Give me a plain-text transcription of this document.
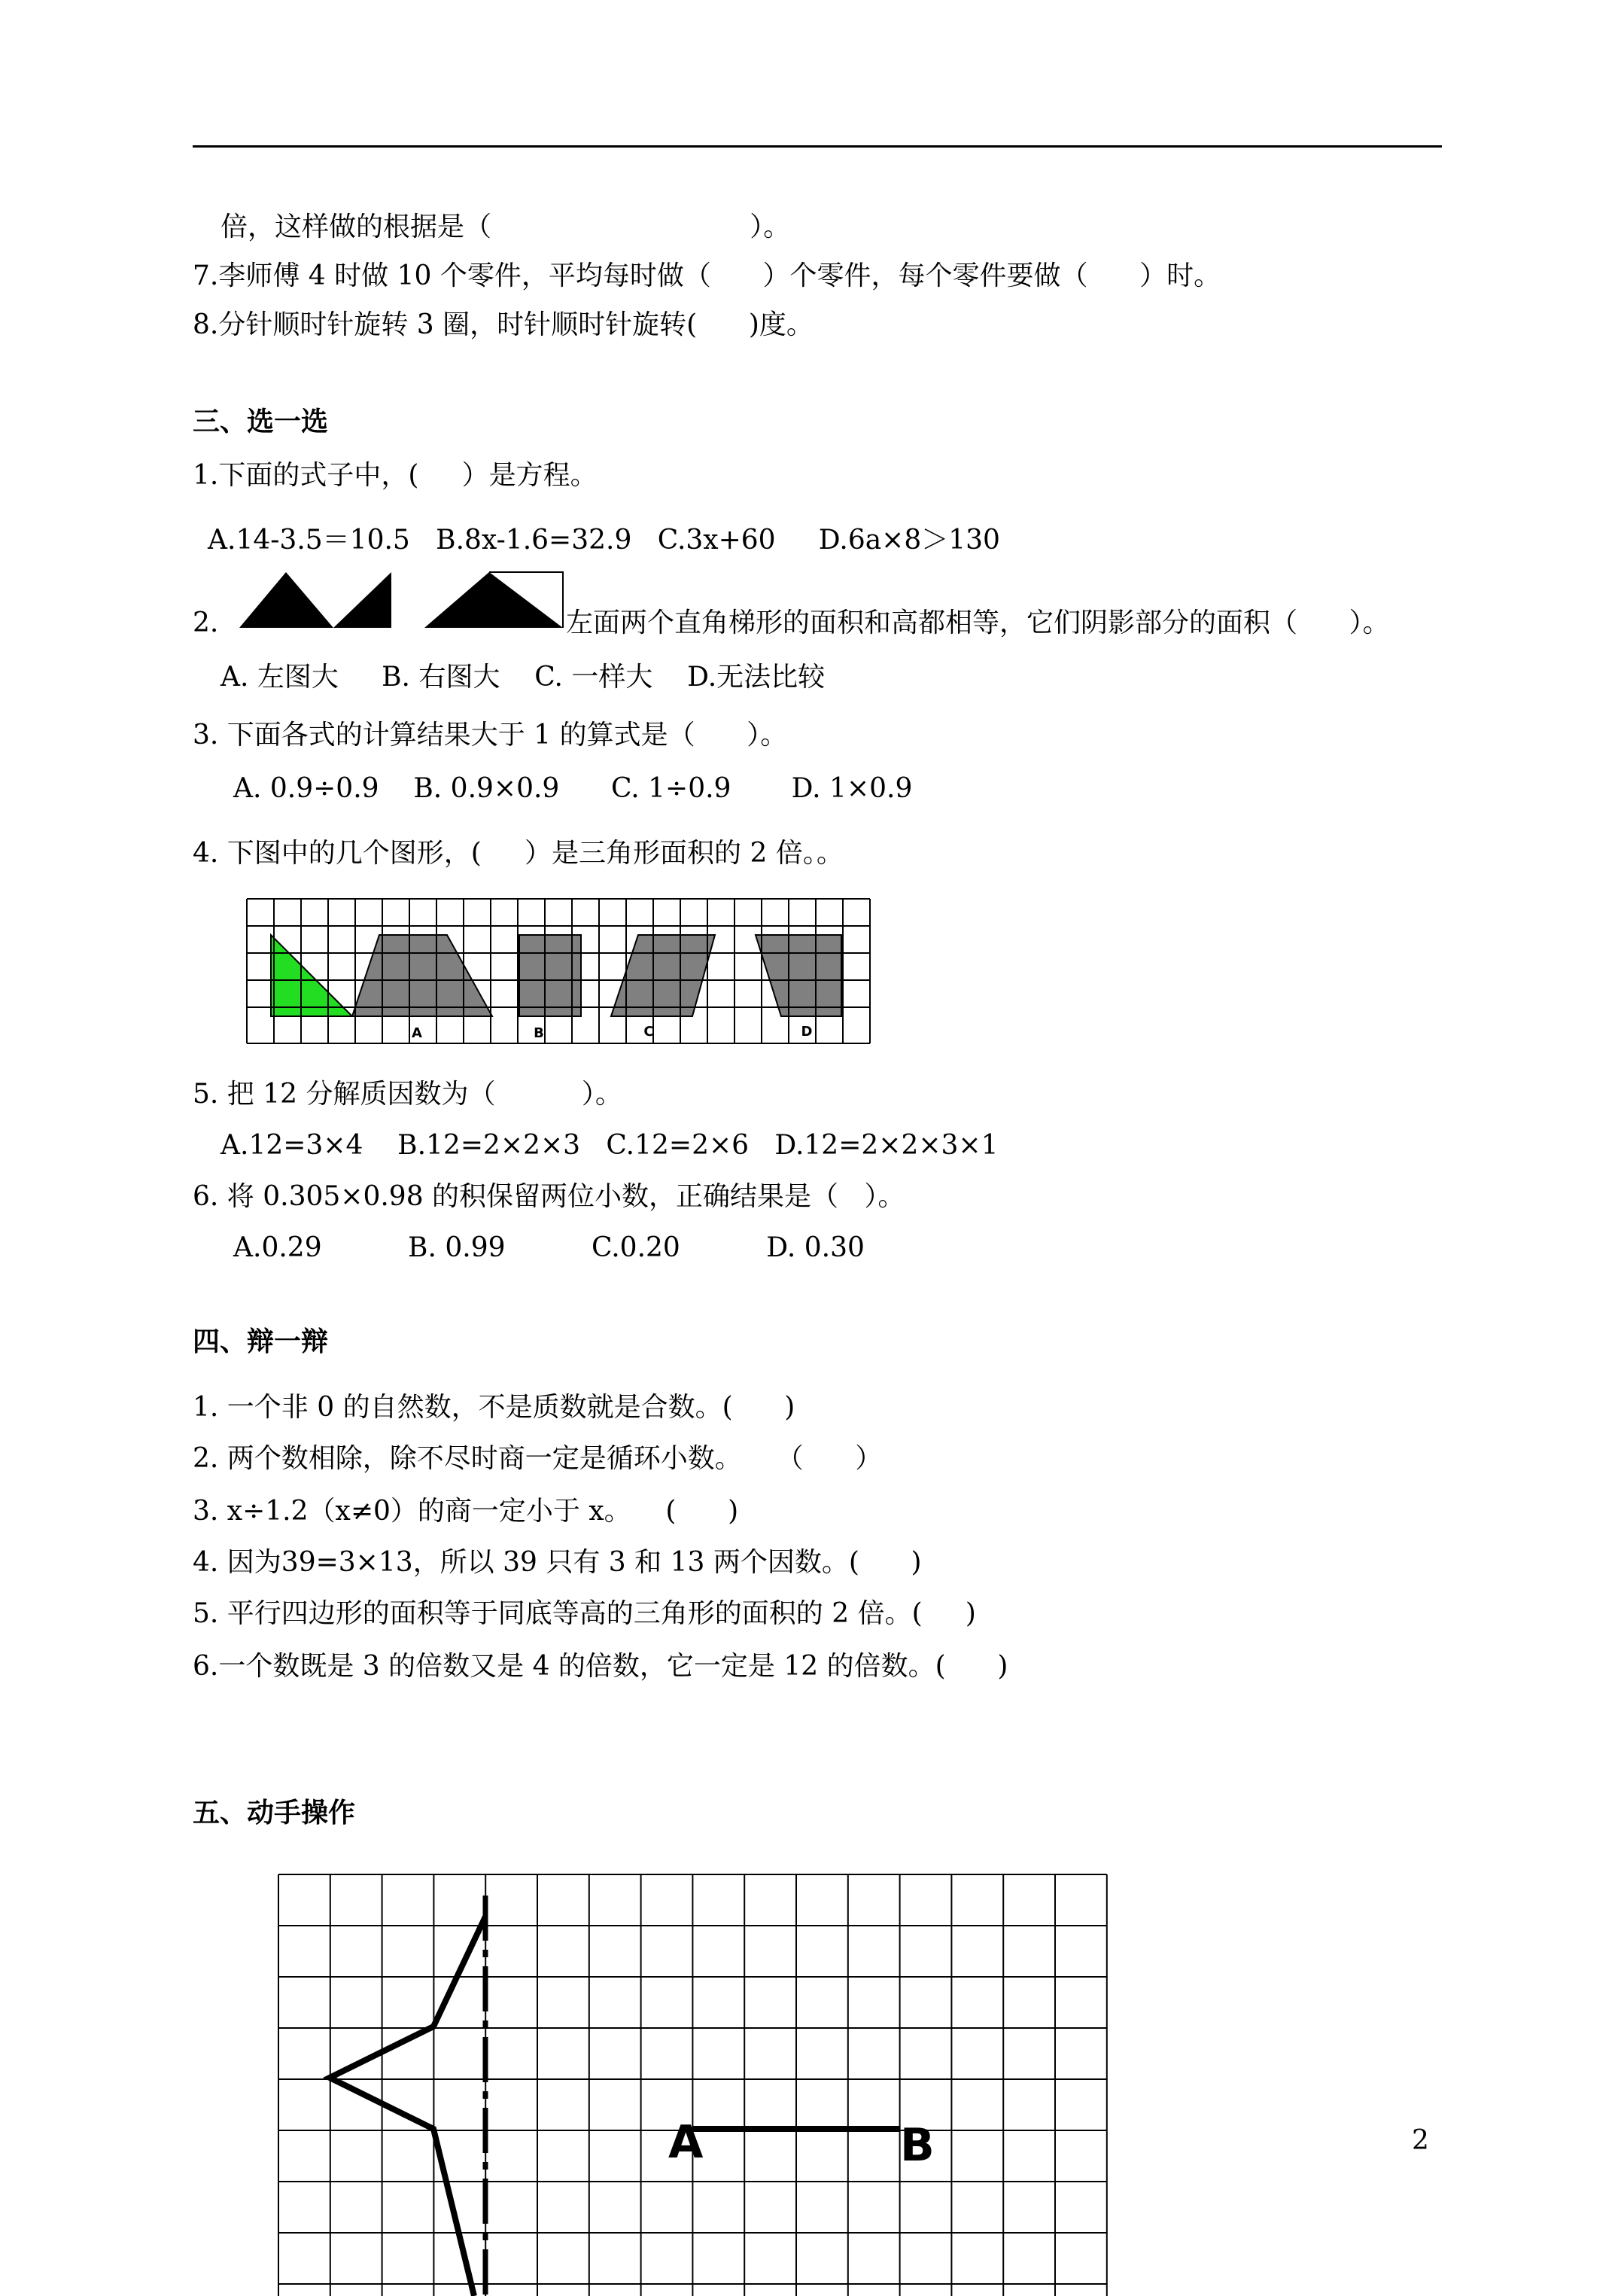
倍，这样做的根据是（                              ）。
7.李师傅 4 时做 10 个零件，平均每时做（      ）个零件，每个零件要做（      ）时。
8.分针顺时针旋转 3 圈，时针顺时针旋转(      )度。
三、选一选
1.下面的式子中，(     ）是方程。
A.14-3.5＝10.5   B.8x-1.6=32.9   C.3x+60     D.6a×8＞130
2.	左面两个直角梯形的面积和高都相等，它们阴影部分的面积（      ）。
A. 左图大     B. 右图大    C. 一样大    D.无法比较
3. 下面各式的计算结果大于 1 的算式是（      ）。
A. 0.9÷0.9    B. 0.9×0.9      C. 1÷0.9       D. 1×0.9
4. 下图中的几个图形，(     ）是三角形面积的 2 倍。。
A	B	C	D
5. 把 12 分解质因数为（          ）。
A.12=3×4    B.12=2×2×3   C.12=2×6   D.12=2×2×3×1
6. 将 0.305×0.98 的积保留两位小数，正确结果是（   ）。
A.0.29          B. 0.99          C.0.20          D. 0.30
四、辩一辩
1. 一个非 0 的自然数，不是质数就是合数。(      )
2. 两个数相除，除不尽时商一定是循环小数。    （      ）
3. x÷1.2（x≠0）的商一定小于 x。    (      )
4. 因为39=3×13，所以 39 只有 3 和 13 两个因数。(      )
5. 平行四边形的面积等于同底等高的三角形的面积的 2 倍。(     )
6.一个数既是 3 的倍数又是 4 的倍数，它一定是 12 的倍数。(      )
五、动手操作
A	B	2
